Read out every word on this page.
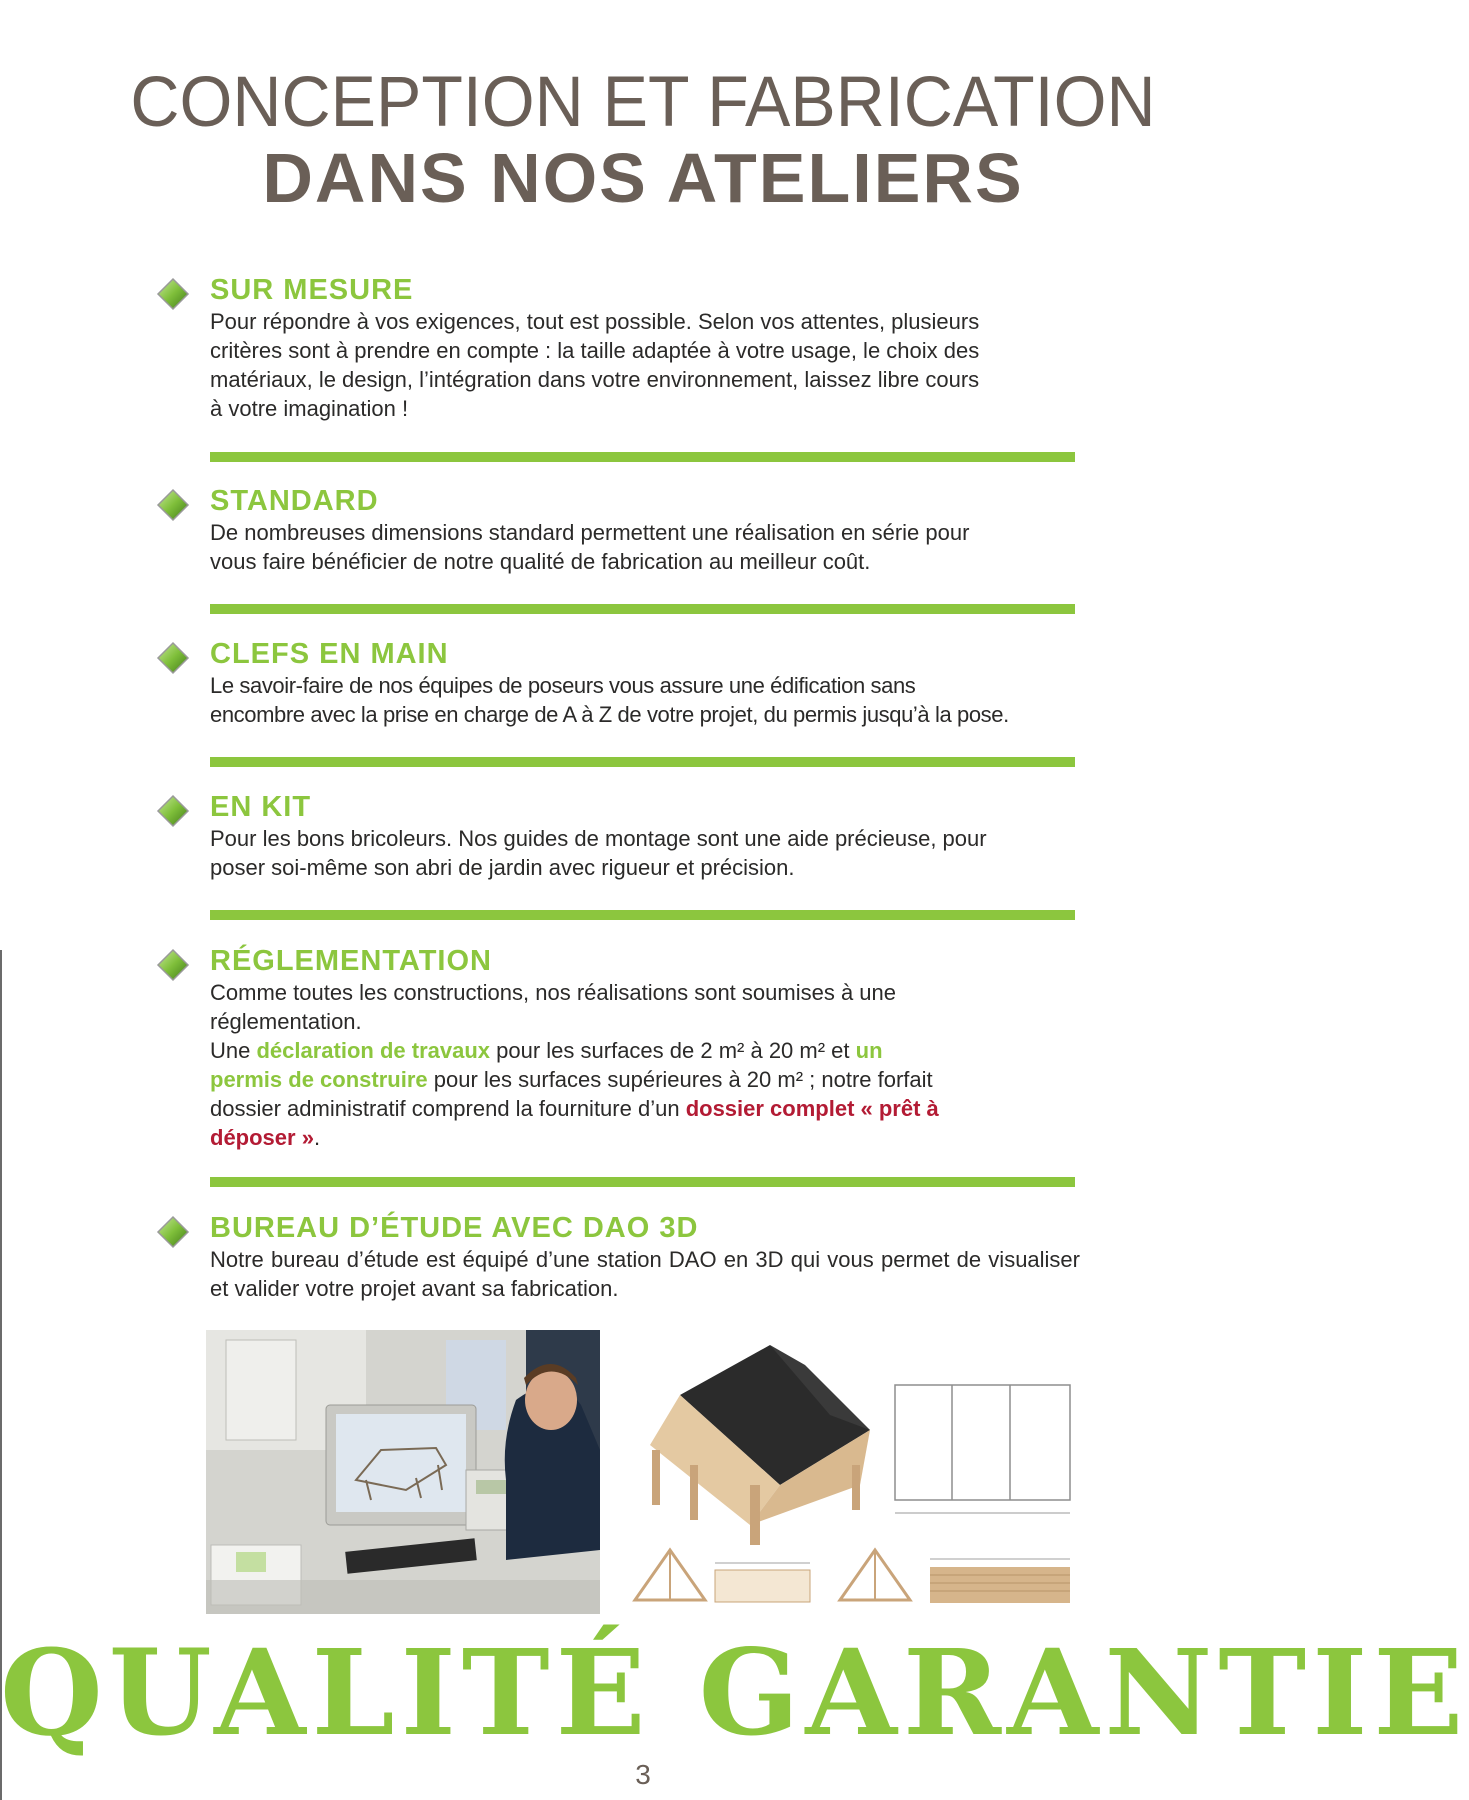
CONCEPTION ET FABRICATION
DANS NOS ATELIERS

SUR MESURE

Pour répondre à vos exigences, tout est possible. Selon vos attentes, plusieurs
critères sont à prendre en compte : la taille adaptée à votre usage, le choix des
matériaux, le design, l’intégration dans votre environnement, laissez libre cours
à votre imagination !

STANDARD

De nombreuses dimensions standard permettent une réalisation en série pour
vous faire bénéficier de notre qualité de fabrication au meilleur coût.

CLEFS EN MAIN

Le savoir-faire de nos équipes de poseurs vous assure une édification sans
encombre avec la prise en charge de A à Z de votre projet, du permis jusqu’à la pose.

EN KIT

Pour les bons bricoleurs. Nos guides de montage sont une aide précieuse, pour
poser soi-même son abri de jardin avec rigueur et précision.

RÉGLEMENTATION

Comme toutes les constructions, nos réalisations sont soumises à une
réglementation.
Une déclaration de travaux pour les surfaces de 2 m² à 20 m² et un
permis de construire pour les surfaces supérieures à 20 m² ; notre forfait
dossier administratif comprend la fourniture d’un dossier complet « prêt à
déposer ».

BUREAU D’ÉTUDE AVEC DAO 3D

Notre bureau d’étude est équipé d’une station DAO en 3D qui vous permet de visualiser et valider votre projet avant sa fabrication.

QUALITÉ GARANTIE
3
